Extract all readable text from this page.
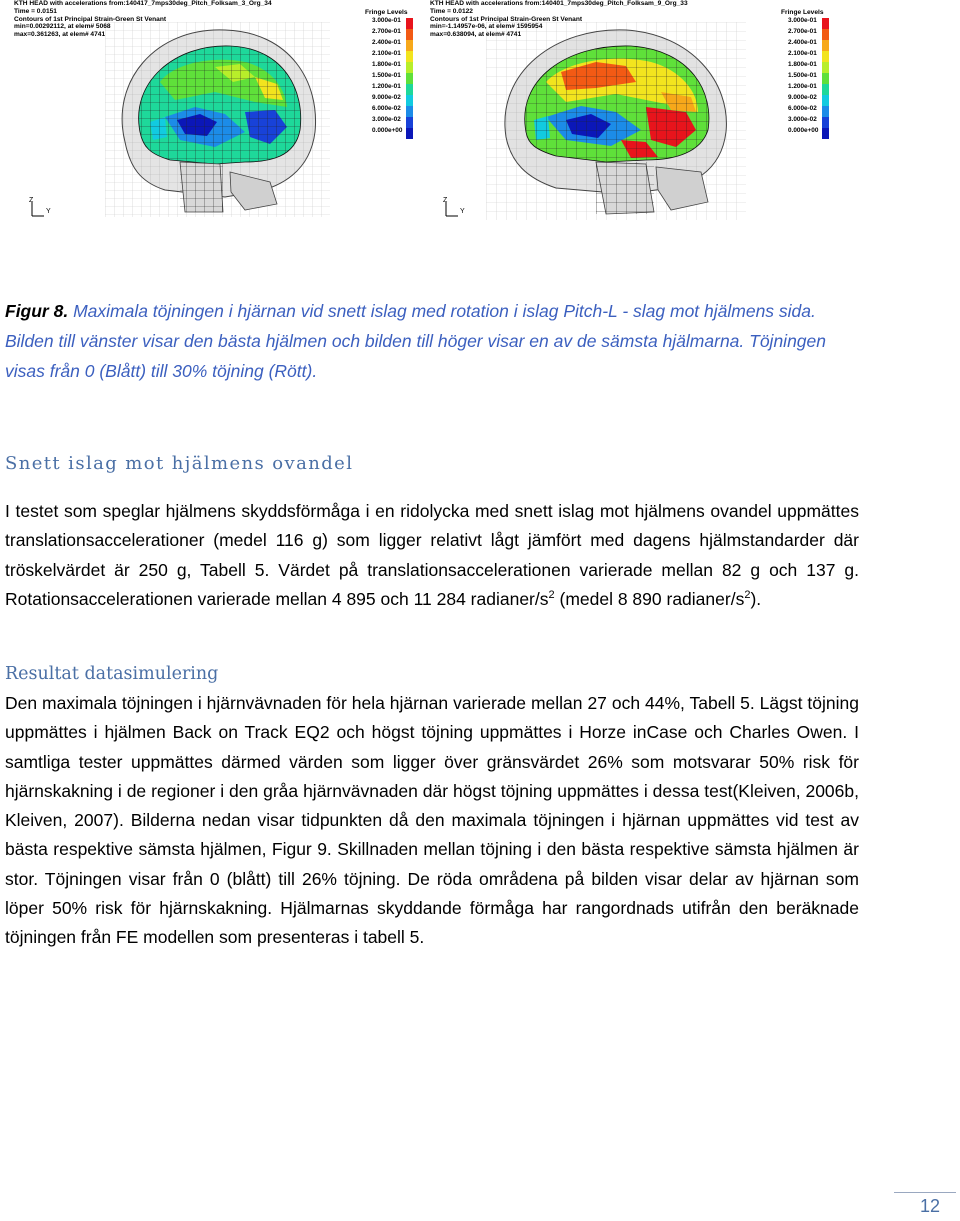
KTH HEAD with accelerations from:140417_7mps30deg_Pitch_Folksam_3_Org_34
Time = 0.0151
Contours of 1st Principal Strain-Green St Venant
min=0.00292112, at elem# 5068
max=0.361263, at elem# 4741
Fringe Levels
3.000e-01
2.700e-01
2.400e-01
2.100e-01
1.800e-01
1.500e-01
1.200e-01
9.000e-02
6.000e-02
3.000e-02
0.000e+00
Z
Y
KTH HEAD with accelerations from:140401_7mps30deg_Pitch_Folksam_9_Org_33
Time = 0.0122
Contours of 1st Principal Strain-Green St Venant
min=-1.14957e-06, at elem# 1595954
max=0.638094, at elem# 4741
Fringe Levels
3.000e-01
2.700e-01
2.400e-01
2.100e-01
1.800e-01
1.500e-01
1.200e-01
9.000e-02
6.000e-02
3.000e-02
0.000e+00
Z
Y
Figur 8. Maximala töjningen i hjärnan vid snett islag med rotation i islag Pitch-L - slag mot hjälmens sida. Bilden till vänster visar den bästa hjälmen och bilden till höger visar en av de sämsta hjälmarna. Töjningen visas från 0 (Blått) till 30% töjning (Rött).
Snett islag mot hjälmens ovandel

I testet som speglar hjälmens skyddsförmåga i en ridolycka med snett islag mot hjälmens ovandel uppmättes translationsaccelerationer (medel 116 g) som ligger relativt lågt jämfört med dagens hjälmstandarder där tröskelvärdet är 250 g, Tabell 5. Värdet på translationsaccelerationen varierade mellan 82 g och 137 g. Rotationsaccelerationen varierade mellan 4 895 och 11 284 radianer/$s^2$ (medel 8 890 radianer/$s^2$).

Resultat datasimulering

Den maximala töjningen i hjärnvävnaden för hela hjärnan varierade mellan 27 och 44%, Tabell 5. Lägst töjning uppmättes i hjälmen Back on Track EQ2 och högst töjning uppmättes i Horze inCase och Charles Owen. I samtliga tester uppmättes därmed värden som ligger över gränsvärdet 26% som motsvarar 50% risk för hjärnskakning i de regioner i den gråa hjärnvävnaden där högst töjning uppmättes i dessa test(Kleiven, 2006b, Kleiven, 2007). Bilderna nedan visar tidpunkten då den maximala töjningen i hjärnan uppmättes vid test av bästa respektive sämsta hjälmen, Figur 9. Skillnaden mellan töjning i den bästa respektive sämsta hjälmen är stor. Töjningen visar från 0 (blått) till 26% töjning. De röda områdena på bilden visar delar av hjärnan som löper 50% risk för hjärnskakning. Hjälmarnas skyddande förmåga har rangordnads utifrån den beräknade töjningen från FE modellen som presenteras i tabell 5.

12
